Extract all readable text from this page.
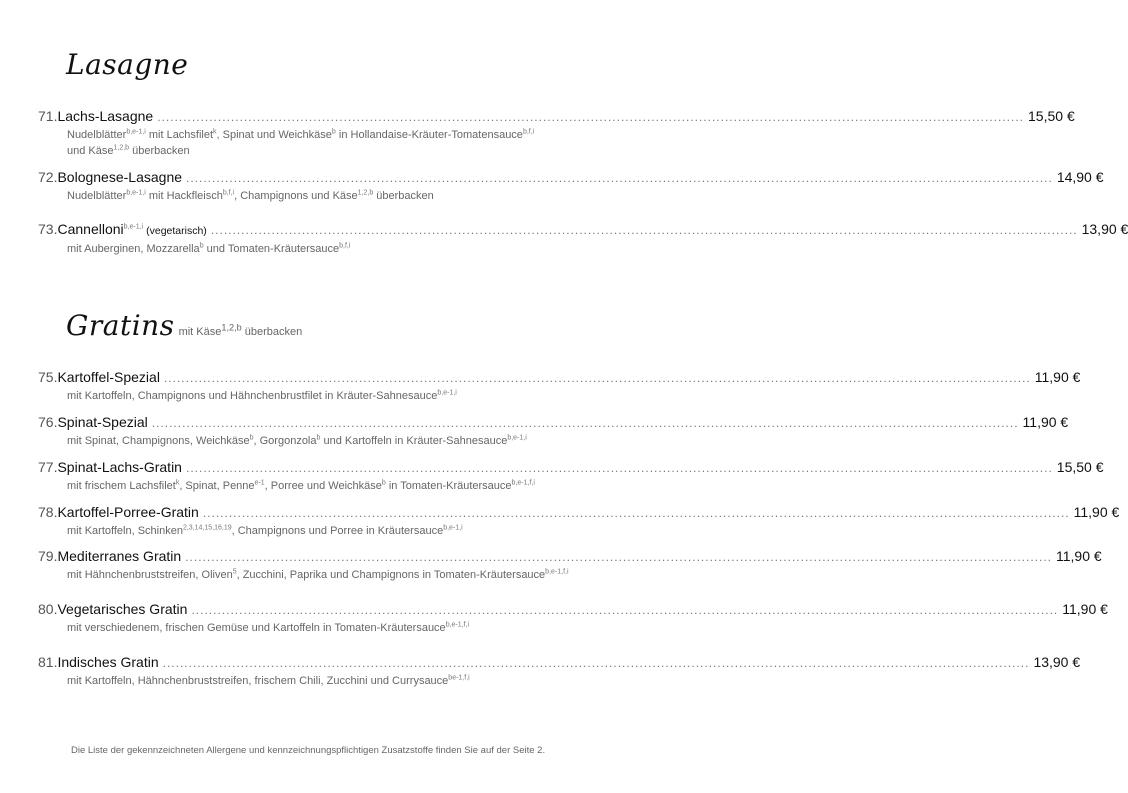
Lasagne
71. Lachs-Lasagne ........................................................................................................................................................................................................ 15,50 €
Nudelblätter$^{b,e-1,i}$ mit Lachsfilet$^k$, Spinat und Weichkäse$^b$ in Hollandaise-Kräuter-Tomatensauce$^{b,f,i}$
und Käse$^{1,2,b}$ überbacken
72. Bolognese-Lasagne ........................................................................................................................................................................................................ 14,90 €
Nudelblätter$^{b,e-1,i}$ mit Hackfleisch$^{b,f,i}$, Champignons und Käse$^{1,2,b}$ überbacken
73. Cannelloni$^{b,e-1,i}$ (vegetarisch) ........................................................................................................................................................................................................ 13,90 €
mit Auberginen, Mozzarella$^b$ und Tomaten-Kräutersauce$^{b,f,i}$
Gratins mit Käse$^{1,2,b}$ überbacken
75. Kartoffel-Spezial ........................................................................................................................................................................................................ 11,90 €
mit Kartoffeln, Champignons und Hähnchenbrustfilet in Kräuter-Sahnesauce$^{b,e-1,i}$
76. Spinat-Spezial ........................................................................................................................................................................................................ 11,90 €
mit Spinat, Champignons, Weichkäse$^b$, Gorgonzola$^b$ und Kartoffeln in Kräuter-Sahnesauce$^{b,e-1,i}$
77. Spinat-Lachs-Gratin ........................................................................................................................................................................................................ 15,50 €
mit frischem Lachsfilet$^k$, Spinat, Penne$^{e-1}$, Porree und Weichkäse$^b$ in Tomaten-Kräutersauce$^{b,e-1,f,i}$
78. Kartoffel-Porree-Gratin ........................................................................................................................................................................................................ 11,90 €
mit Kartoffeln, Schinken$^{2,3,14,15,16,19}$, Champignons und Porree in Kräutersauce$^{b,e-1,i}$
79. Mediterranes Gratin ........................................................................................................................................................................................................ 11,90 €
mit Hähnchenbruststreifen, Oliven$^5$, Zucchini, Paprika und Champignons in Tomaten-Kräutersauce$^{b,e-1,f,i}$
80. Vegetarisches Gratin ........................................................................................................................................................................................................ 11,90 €
mit verschiedenem, frischen Gemüse und Kartoffeln in Tomaten-Kräutersauce$^{b,e-1,f,i}$
81. Indisches Gratin ........................................................................................................................................................................................................ 13,90 €
mit Kartoffeln, Hähnchenbruststreifen, frischem Chili, Zucchini und Currysauce$^{be-1,f,i}$
Die Liste der gekennzeichneten Allergene und kennzeichnungspflichtigen Zusatzstoffe finden Sie auf der Seite 2.
